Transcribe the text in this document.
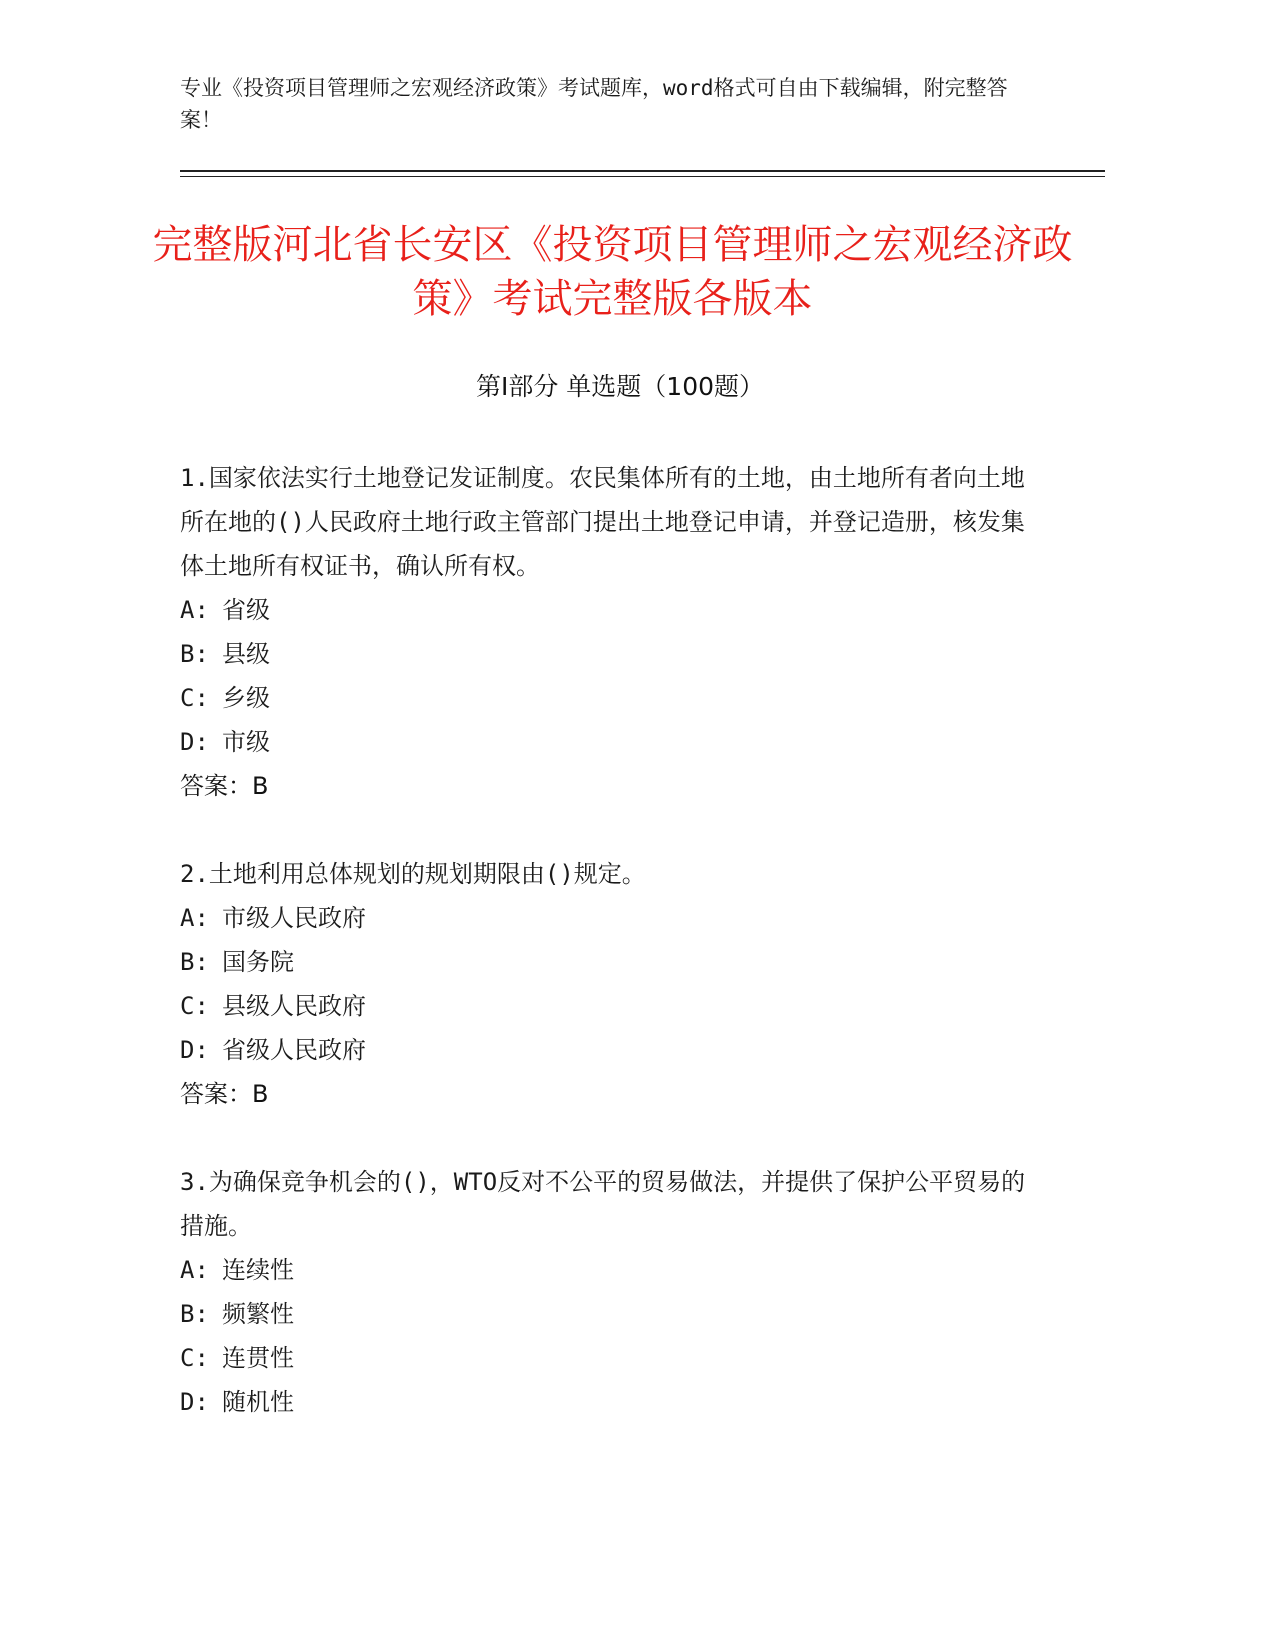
专业《投资项目管理师之宏观经济政策》考试题库，word格式可自由下载编辑，附完整答案！
完整版河北省长安区《投资项目管理师之宏观经济政策》考试完整版各版本
第Ⅰ部分 单选题（100题）
1.国家依法实行土地登记发证制度。农民集体所有的土地，由土地所有者向土地所在地的()人民政府土地行政主管部门提出土地登记申请，并登记造册，核发集体土地所有权证书，确认所有权。
A: 省级
B: 县级
C: 乡级
D: 市级
答案：B
2.土地利用总体规划的规划期限由()规定。
A: 市级人民政府
B: 国务院
C: 县级人民政府
D: 省级人民政府
答案：B
3.为确保竞争机会的()，WTO反对不公平的贸易做法，并提供了保护公平贸易的措施。
A: 连续性
B: 频繁性
C: 连贯性
D: 随机性
